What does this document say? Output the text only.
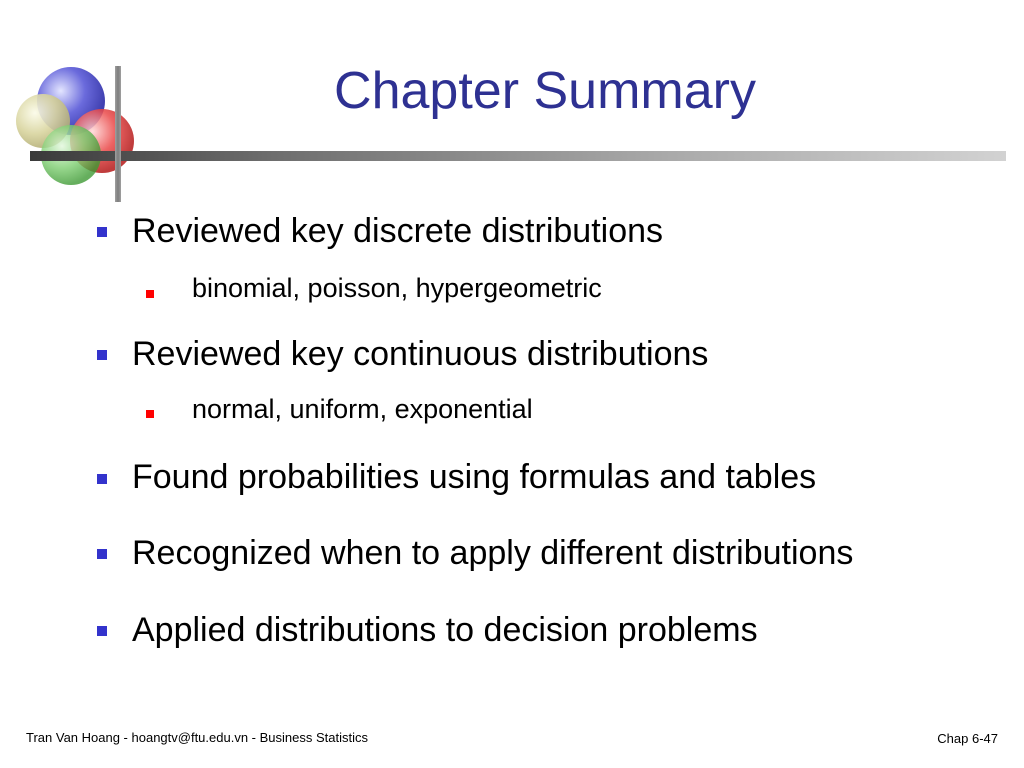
Chapter Summary
Reviewed key discrete distributions
binomial, poisson, hypergeometric
Reviewed key continuous distributions
normal, uniform, exponential
Found probabilities using formulas and tables
Recognized when to apply different distributions
Applied distributions to decision problems
Tran Van Hoang - hoangtv@ftu.edu.vn - Business Statistics	Chap 6-47
